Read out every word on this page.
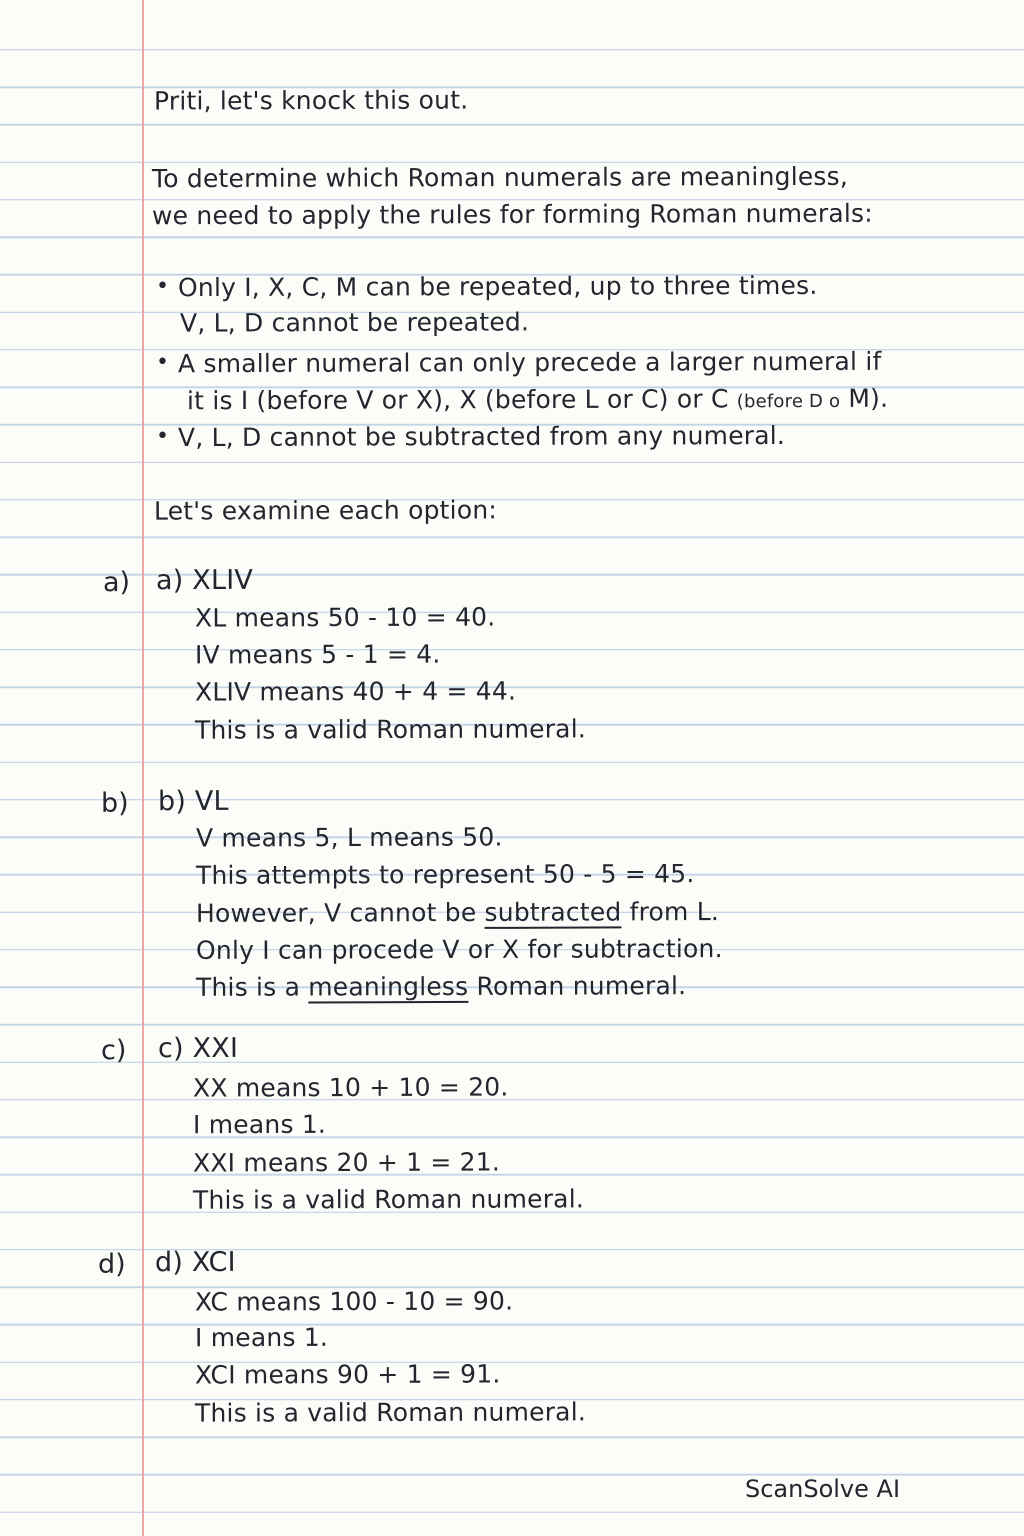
Priti, let's knock this out.
To determine which Roman numerals are meaningless,
we need to apply the rules for forming Roman numerals:
• Only I, X, C, M can be repeated, up to three times.
V, L, D cannot be repeated.
• A smaller numeral can only precede a larger numeral if
it is I (before V or X), X (before L or C) or C (before D o M).
• V, L, D cannot be subtracted from any numeral.
Let's examine each option:
a) a) XLIV
XL means 50 - 10 = 40.
IV means 5 - 1 = 4.
XLIV means 40 + 4 = 44.
This is a valid Roman numeral.
b) b) VL
V means 5, L means 50.
This attempts to represent 50 - 5 = 45.
However, V cannot be subtracted from L.
Only I can procede V or X for subtraction.
This is a meaningless Roman numeral.
c) c) XXI
XX means 10 + 10 = 20.
I means 1.
XXI means 20 + 1 = 21.
This is a valid Roman numeral.
d) d) XCI
XC means 100 - 10 = 90.
I means 1.
XCI means 90 + 1 = 91.
This is a valid Roman numeral.
ScanSolve AI
